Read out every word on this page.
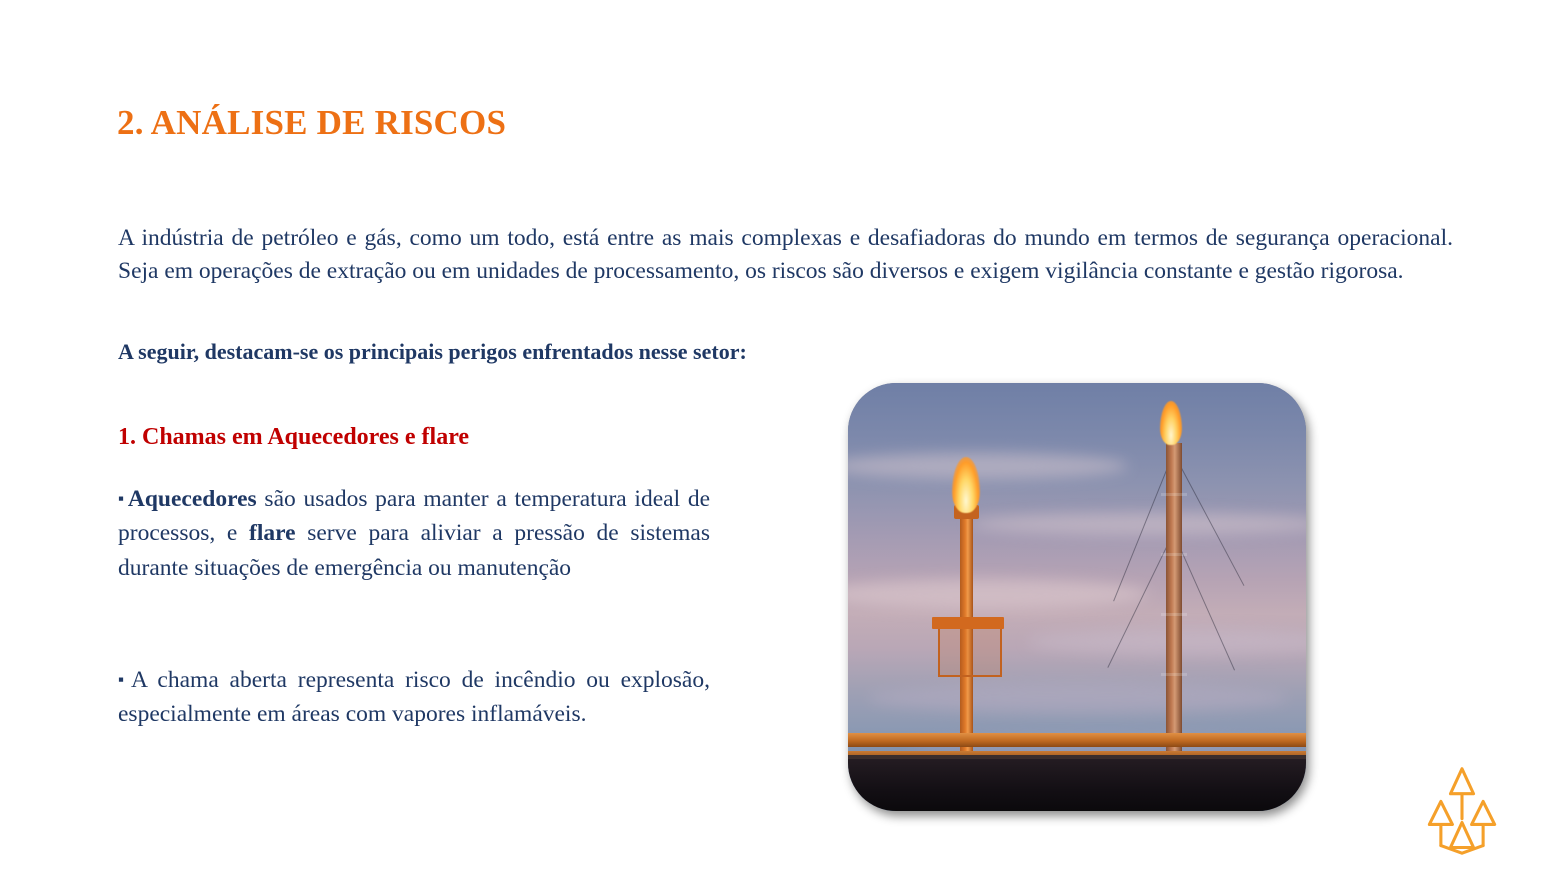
2. ANÁLISE DE RISCOS
A indústria de petróleo e gás, como um todo, está entre as mais complexas e desafiadoras do mundo em termos de segurança operacional. Seja em operações de extração ou em unidades de processamento, os riscos são diversos e exigem vigilância constante e gestão rigorosa.
A seguir, destacam-se os principais perigos enfrentados nesse setor:
1. Chamas em Aquecedores e flare
▪Aquecedores são usados para manter a temperatura ideal de processos, e flare serve para aliviar a pressão de sistemas durante situações de emergência ou manutenção
▪A chama aberta representa risco de incêndio ou explosão, especialmente em áreas com vapores inflamáveis.
